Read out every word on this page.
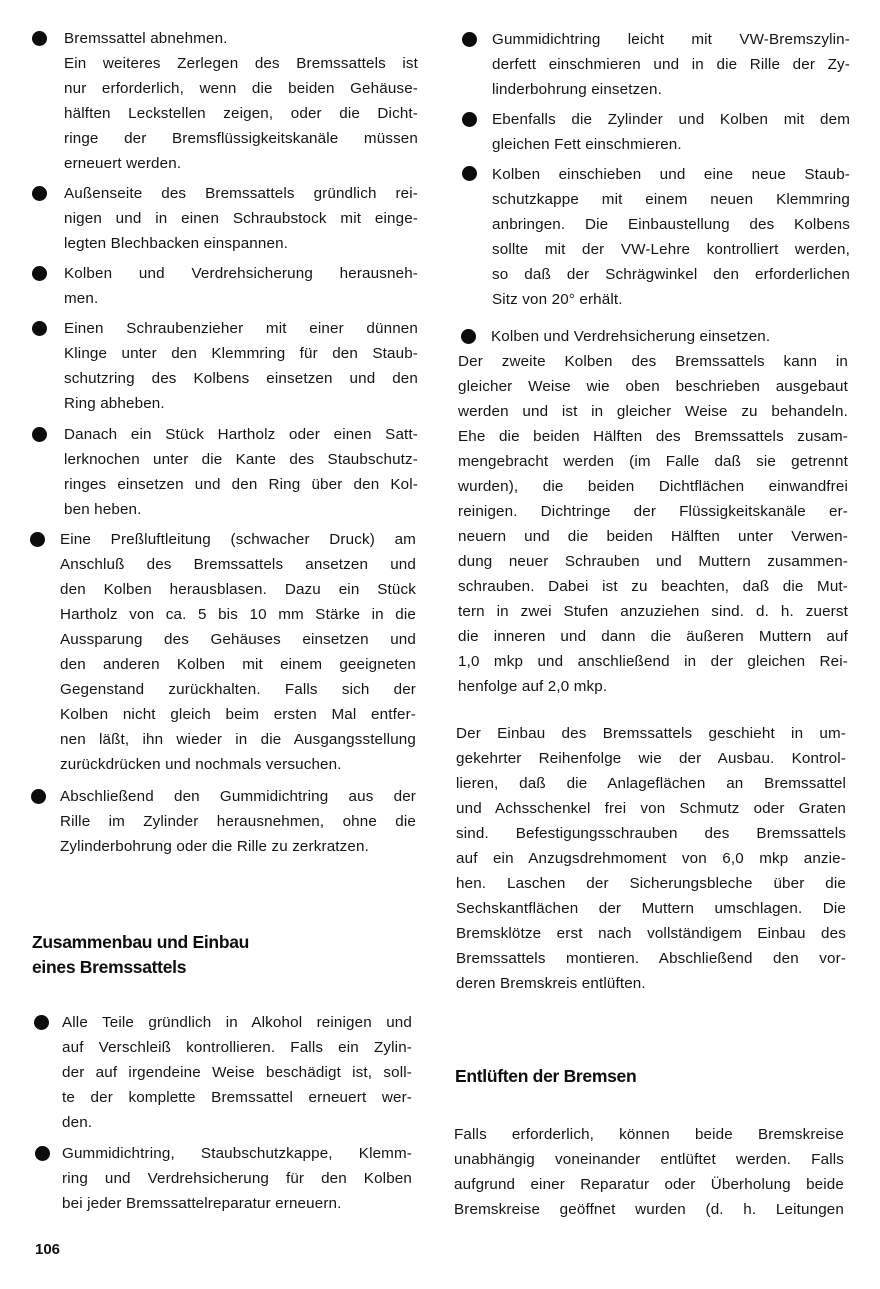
Bremssattel abnehmen.
Ein weiteres Zerlegen des Bremssattels ist
nur erforderlich, wenn die beiden Gehäuse-
hälften Leckstellen zeigen, oder die Dicht-
ringe der Bremsflüssigkeitskanäle müssen
erneuert werden.
Außenseite des Bremssattels gründlich rei-
nigen und in einen Schraubstock mit einge-
legten Blechbacken einspannen.
Kolben und Verdrehsicherung herausneh-
men.
Einen Schraubenzieher mit einer dünnen
Klinge unter den Klemmring für den Staub-
schutzring des Kolbens einsetzen und den
Ring abheben.
Danach ein Stück Hartholz oder einen Satt-
lerknochen unter die Kante des Staubschutz-
ringes einsetzen und den Ring über den Kol-
ben heben.
Eine Preßluftleitung (schwacher Druck) am
Anschluß des Bremssattels ansetzen und
den Kolben herausblasen. Dazu ein Stück
Hartholz von ca. 5 bis 10 mm Stärke in die
Aussparung des Gehäuses einsetzen und
den anderen Kolben mit einem geeigneten
Gegenstand zurückhalten. Falls sich der
Kolben nicht gleich beim ersten Mal entfer-
nen läßt, ihn wieder in die Ausgangsstellung
zurückdrücken und nochmals versuchen.
Abschließend den Gummidichtring aus der
Rille im Zylinder herausnehmen, ohne die
Zylinderbohrung oder die Rille zu zerkratzen.
Zusammenbau und Einbau
eines Bremssattels
Alle Teile gründlich in Alkohol reinigen und
auf Verschleiß kontrollieren. Falls ein Zylin-
der auf irgendeine Weise beschädigt ist, soll-
te der komplette Bremssattel erneuert wer-
den.
Gummidichtring, Staubschutzkappe, Klemm-
ring und Verdrehsicherung für den Kolben
bei jeder Bremssattelreparatur erneuern.
106
Gummidichtring leicht mit VW-Bremszylin-
derfett einschmieren und in die Rille der Zy-
linderbohrung einsetzen.
Ebenfalls die Zylinder und Kolben mit dem
gleichen Fett einschmieren.
Kolben einschieben und eine neue Staub-
schutzkappe mit einem neuen Klemmring
anbringen. Die Einbaustellung des Kolbens
sollte mit der VW-Lehre kontrolliert werden,
so daß der Schrägwinkel den erforderlichen
Sitz von 20° erhält.
Kolben und Verdrehsicherung einsetzen.
Der zweite Kolben des Bremssattels kann in
gleicher Weise wie oben beschrieben ausgebaut
werden und ist in gleicher Weise zu behandeln.
Ehe die beiden Hälften des Bremssattels zusam-
mengebracht werden (im Falle daß sie getrennt
wurden), die beiden Dichtflächen einwandfrei
reinigen. Dichtringe der Flüssigkeitskanäle er-
neuern und die beiden Hälften unter Verwen-
dung neuer Schrauben und Muttern zusammen-
schrauben. Dabei ist zu beachten, daß die Mut-
tern in zwei Stufen anzuziehen sind. d. h. zuerst
die inneren und dann die äußeren Muttern auf
1,0 mkp und anschließend in der gleichen Rei-
henfolge auf 2,0 mkp.
Der Einbau des Bremssattels geschieht in um-
gekehrter Reihenfolge wie der Ausbau. Kontrol-
lieren, daß die Anlageflächen an Bremssattel
und Achsschenkel frei von Schmutz oder Graten
sind. Befestigungsschrauben des Bremssattels
auf ein Anzugsdrehmoment von 6,0 mkp anzie-
hen. Laschen der Sicherungsbleche über die
Sechskantflächen der Muttern umschlagen. Die
Bremsklötze erst nach vollständigem Einbau des
Bremssattels montieren. Abschließend den vor-
deren Bremskreis entlüften.
Entlüften der Bremsen
Falls erforderlich, können beide Bremskreise
unabhängig voneinander entlüftet werden. Falls
aufgrund einer Reparatur oder Überholung beide
Bremskreise geöffnet wurden (d. h. Leitungen
